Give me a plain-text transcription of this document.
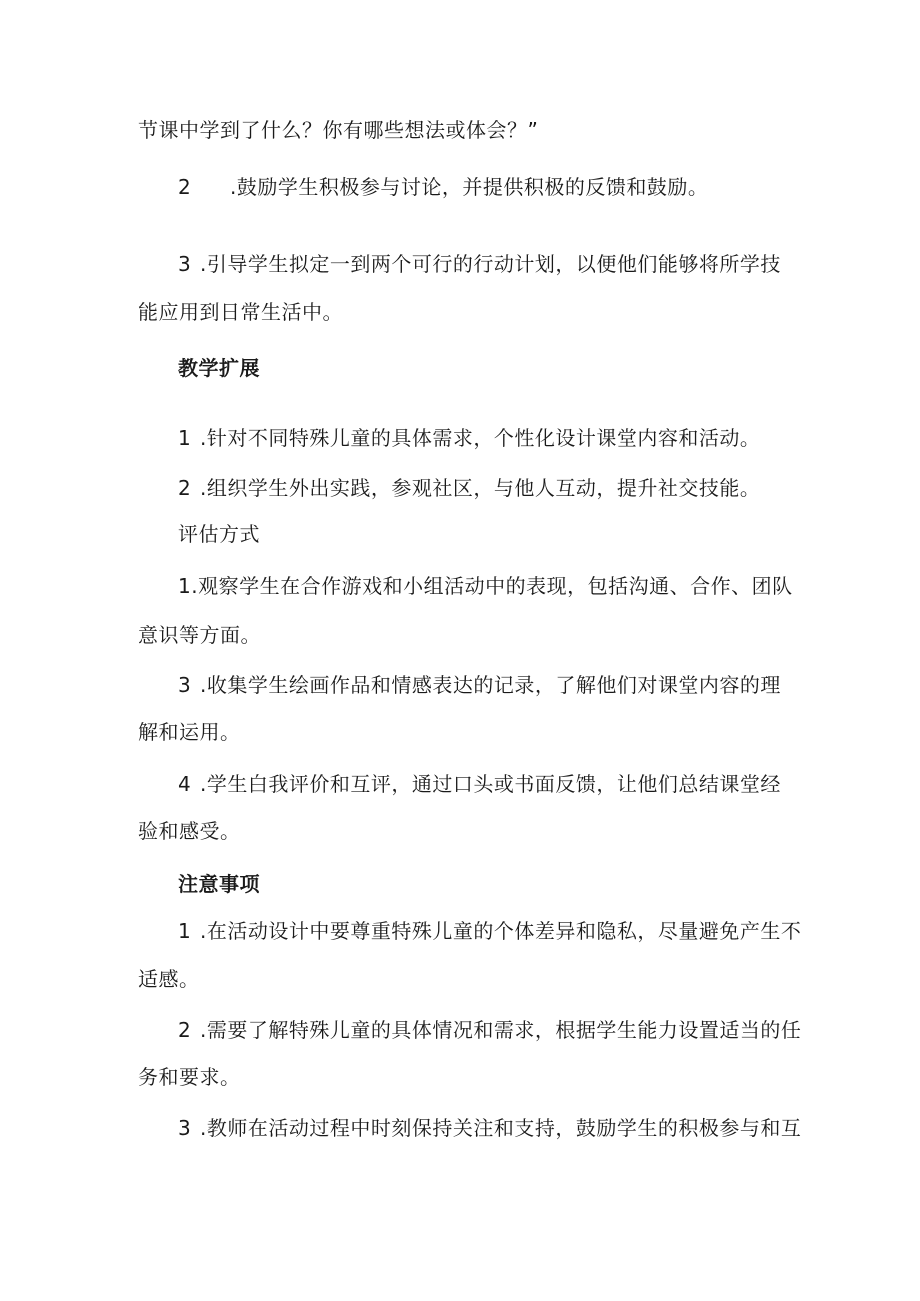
节课中学到了什么？你有哪些想法或体会？”
2 .鼓励学生积极参与讨论，并提供积极的反馈和鼓励。
3 .引导学生拟定一到两个可行的行动计划，以便他们能够将所学技
能应用到日常生活中。
教学扩展
1 .针对不同特殊儿童的具体需求，个性化设计课堂内容和活动。
2 .组织学生外出实践，参观社区，与他人互动，提升社交技能。
评估方式
1.观察学生在合作游戏和小组活动中的表现，包括沟通、合作、团队
意识等方面。
3 .收集学生绘画作品和情感表达的记录，了解他们对课堂内容的理
解和运用。
4 .学生白我评价和互评，通过口头或书面反馈，让他们总结课堂经
验和感受。
注意事项
1 .在活动设计中要尊重特殊儿童的个体差异和隐私，尽量避免产生不
适感。
2 .需要了解特殊儿童的具体情况和需求，根据学生能力设置适当的任
务和要求。
3 .教师在活动过程中时刻保持关注和支持，鼓励学生的积极参与和互
